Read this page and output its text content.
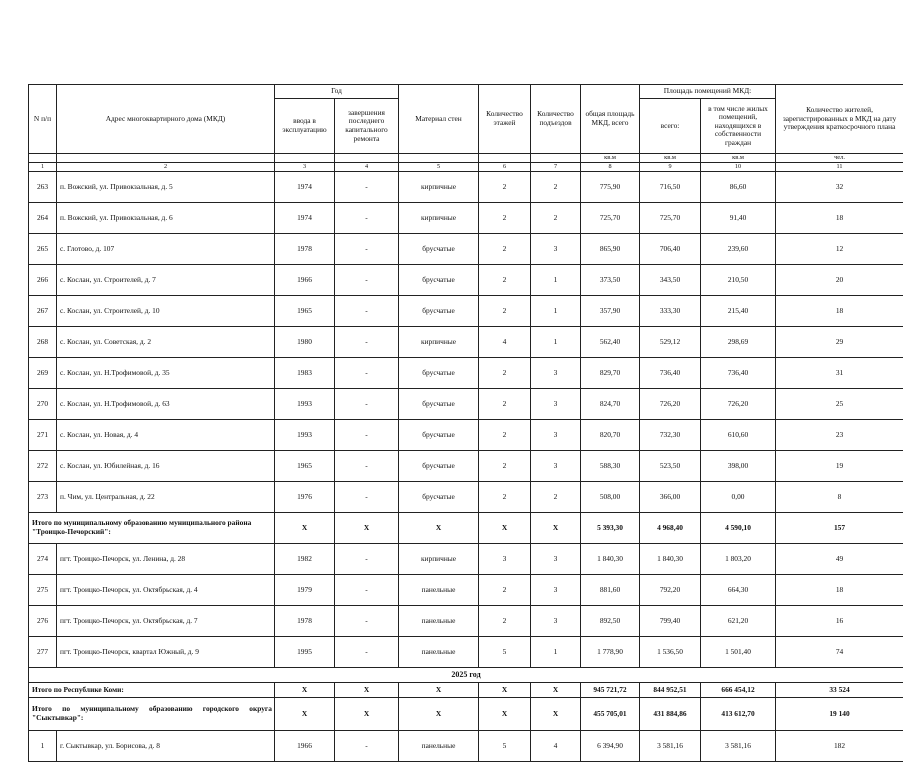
N п/п	Адрес многоквартирного дома (МКД)	Год		Материал стен	Количество этажей	Количество подъездов	общая площадь МКД, всего	Площадь помещений МКД:		Количество жителей, зарегистрированных в МКД на дату утверждения краткосрочного плана
		ввода в эксплуатацию	завершения последнего капитального ремонта					всего:	в том числе жилых помещений, находящихся в собственности граждан	
							кв.м	кв.м	кв.м	чел.
1	2	3	4	5	6	7	8	9	10	11
263	п. Вожский, ул. Привокзальная, д. 5	1974	-	кирпичные	2	2	775,90	716,50	86,60	32
264	п. Вожский, ул. Привокзальная, д. 6	1974	-	кирпичные	2	2	725,70	725,70	91,40	18
265	с. Глотово, д. 107	1978	-	брусчатые	2	3	865,90	706,40	239,60	12
266	с. Кослан, ул. Строителей, д. 7	1966	-	брусчатые	2	1	373,50	343,50	210,50	20
267	с. Кослан, ул. Строителей, д. 10	1965	-	брусчатые	2	1	357,90	333,30	215,40	18
268	с. Кослан, ул. Советская, д. 2	1980	-	кирпичные	4	1	562,40	529,12	298,69	29
269	с. Кослан, ул. Н.Трофимовой, д. 35	1983	-	брусчатые	2	3	829,70	736,40	736,40	31
270	с. Кослан, ул. Н.Трофимовой, д. 63	1993	-	брусчатые	2	3	824,70	726,20	726,20	25
271	с. Кослан, ул. Новая, д. 4	1993	-	брусчатые	2	3	820,70	732,30	610,60	23
272	с. Кослан, ул. Юбилейная, д. 16	1965	-	брусчатые	2	3	588,30	523,50	398,00	19
273	п. Чим, ул. Центральная, д. 22	1976	-	брусчатые	2	2	508,00	366,00	0,00	8
Итого по муниципальному образованию муниципального района "Троицко-Печорский":		X	X	X	X	X	5 393,30	4 968,40	4 590,10	157
274	пгт. Троицко-Печорск, ул. Ленина, д. 28	1982	-	кирпичные	3	3	1 840,30	1 840,30	1 803,20	49
275	пгт. Троицко-Печорск, ул. Октябрьская, д. 4	1979	-	панельные	2	3	881,60	792,20	664,30	18
276	пгт. Троицко-Печорск, ул. Октябрьская, д. 7	1978	-	панельные	2	3	892,50	799,40	621,20	16
277	пгт. Троицко-Печорск, квартал Южный, д. 9	1995	-	панельные	5	1	1 778,90	1 536,50	1 501,40	74
2025 год										
Итого по Республике Коми:		X	X	X	X	X	945 721,72	844 952,51	666 454,12	33 524
Итого по муниципальному образованию городского округа "Сыктывкар":		X	X	X	X	X	455 705,01	431 884,86	413 612,70	19 140
1	г. Сыктывкар, ул. Борисова, д. 8	1966	-	панельные	5	4	6 394,90	3 581,16	3 581,16	182
